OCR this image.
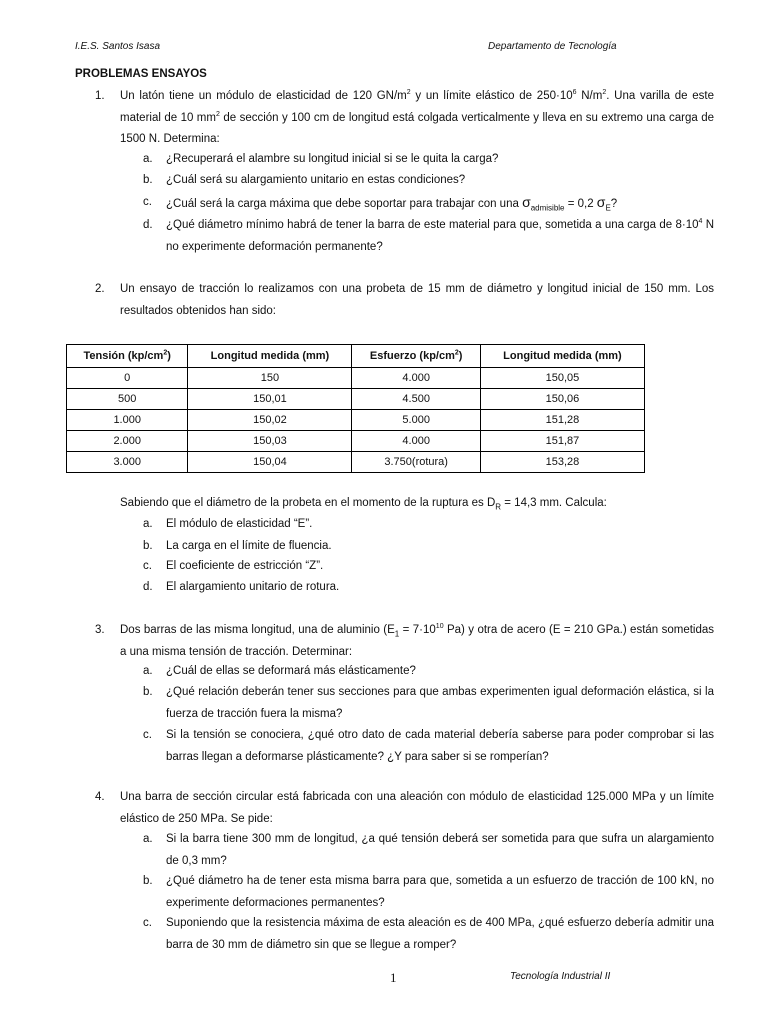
I.E.S. Santos Isasa	Departamento de Tecnología
PROBLEMAS ENSAYOS
1. Un latón tiene un módulo de elasticidad de 120 $GN/m^2$ y un límite elástico de $250\cdot 10^6$ $N/m^2$. Una varilla de este material de 10 $mm^2$ de sección y 100 cm de longitud está colgada verticalmente y lleva en su extremo una carga de 1500 N. Determina:

a. ¿Recuperará el alambre su longitud inicial si se le quita la carga?

b. ¿Cuál será su alargamiento unitario en estas condiciones?

c. ¿Cuál será la carga máxima que debe soportar para trabajar con una $\sigma_{admisible} = 0,2$ $\sigma_E$?

d. ¿Qué diámetro mínimo habrá de tener la barra de este material para que, sometida a una carga de $8\cdot 10^4$ N no experimente deformación permanente?

2. Un ensayo de tracción lo realizamos con una probeta de 15 mm de diámetro y longitud inicial de 150 mm. Los resultados obtenidos han sido:

Tensión $(kp/cm^2)$	Longitud medida (mm)	Esfuerzo $(kp/cm^2)$	Longitud medida (mm)
0	150	4.000	150,05
500	150,01	4.500	150,06
1.000	150,02	5.000	151,28
2.000	150,03	4.000	151,87
3.000	150,04	3.750(rotura)	153,28

Sabiendo que el diámetro de la probeta en el momento de la ruptura es $D_R = 14,3$ mm. Calcula:

a. El módulo de elasticidad “E”.

b. La carga en el límite de fluencia.

c. El coeficiente de estricción “Z”.

d. El alargamiento unitario de rotura.

3. Dos barras de las misma longitud, una de aluminio ($E_1 = 7\cdot 10^{10}$ Pa) y otra de acero (E = 210 GPa.) están sometidas a una misma tensión de tracción. Determinar:

a. ¿Cuál de ellas se deformará más elásticamente?

b. ¿Qué relación deberán tener sus secciones para que ambas experimenten igual deformación elástica, si la fuerza de tracción fuera la misma?

c. Si la tensión se conociera, ¿qué otro dato de cada material debería saberse para poder comprobar si las barras llegan a deformarse plásticamente? ¿Y para saber si se romperían?

4. Una barra de sección circular está fabricada con una aleación con módulo de elasticidad 125.000 MPa y un límite elástico de 250 MPa. Se pide:

a. Si la barra tiene 300 mm de longitud, ¿a qué tensión deberá ser sometida para que sufra un alargamiento de 0,3 mm?

b. ¿Qué diámetro ha de tener esta misma barra para que, sometida a un esfuerzo de tracción de 100 kN, no experimente deformaciones permanentes?

c. Suponiendo que la resistencia máxima de esta aleación es de 400 MPa, ¿qué esfuerzo debería admitir una barra de 30 mm de diámetro sin que se llegue a romper?

1	Tecnología Industrial II
